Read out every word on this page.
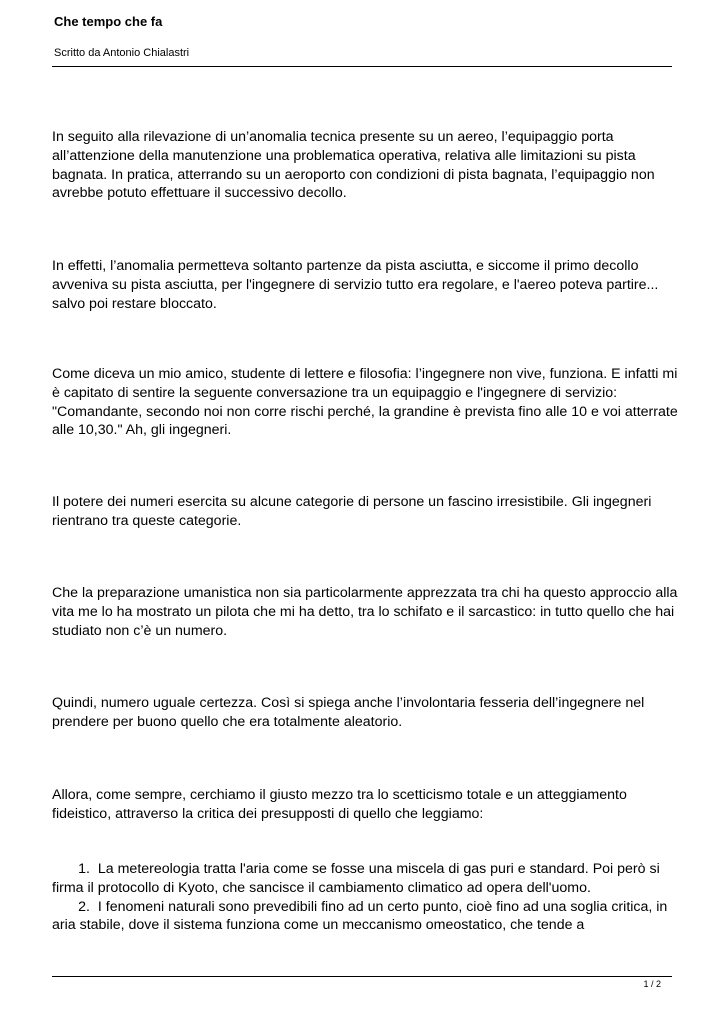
Che tempo che fa
Scritto da Antonio Chialastri

In seguito alla rilevazione di un’anomalia tecnica presente su un aereo, l’equipaggio porta all’attenzione della manutenzione una problematica operativa, relativa alle limitazioni su pista bagnata. In pratica, atterrando su un aeroporto con condizioni di pista bagnata, l’equipaggio non avrebbe potuto effettuare il successivo decollo.

In effetti, l’anomalia permetteva soltanto partenze da pista asciutta, e siccome il primo decollo avveniva su pista asciutta, per l'ingegnere di servizio tutto era regolare, e l'aereo poteva partire... salvo poi restare bloccato.

Come diceva un mio amico, studente di lettere e filosofia: l’ingegnere non vive, funziona. E infatti mi è capitato di sentire la seguente conversazione tra un equipaggio e l'ingegnere di servizio: "Comandante, secondo noi non corre rischi perché, la grandine è prevista fino alle 10 e voi atterrate alle 10,30." Ah, gli ingegneri.

Il potere dei numeri esercita su alcune categorie di persone un fascino irresistibile. Gli ingegneri rientrano tra queste categorie.

Che la preparazione umanistica non sia particolarmente apprezzata tra chi ha questo approccio alla vita me lo ha mostrato un pilota che mi ha detto, tra lo schifato e il sarcastico: in tutto quello che hai studiato non c’è un numero.

Quindi, numero uguale certezza. Così si spiega anche l’involontaria fesseria dell’ingegnere nel prendere per buono quello che era totalmente aleatorio.

Allora, come sempre, cerchiamo il giusto mezzo tra lo scetticismo totale e un atteggiamento fideistico, attraverso la critica dei presupposti di quello che leggiamo:

1. La metereologia tratta l'aria come se fosse una miscela di gas puri e standard. Poi però si firma il protocollo di Kyoto, che sancisce il cambiamento climatico ad opera dell'uomo.

2. I fenomeni naturali sono prevedibili fino ad un certo punto, cioè fino ad una soglia critica, in aria stabile, dove il sistema funziona come un meccanismo omeostatico, che tende a

1 / 2
